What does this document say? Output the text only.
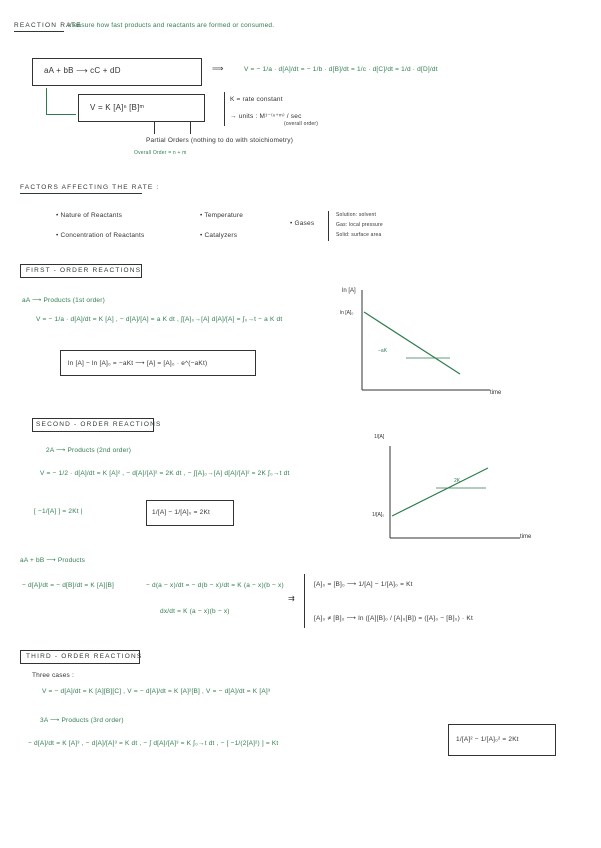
REACTION RATE :
measure how fast products and reactants are formed or consumed.
aA + bB ⟶ cC + dD	⟹	V = − 1/a · d[A]/dt = − 1/b · d[B]/dt = 1/c · d[C]/dt = 1/d · d[D]/dt
V = K [A]ⁿ [B]ᵐ
K = rate constant
→ units : M¹⁻⁽ⁿ⁺ᵐ⁾ / sec
(overall order)
Partial Orders (nothing to do with stoichiometry)
Overall Order = n + m
FACTORS AFFECTING THE RATE :
• Nature of Reactants	• Temperature
• Concentration of Reactants	• Catalyzers
• Gases
Solution: solvent
Gas: local pressure
Solid: surface area
FIRST - ORDER REACTIONS
aA ⟶ Products (1st order)
V = − 1/a · d[A]/dt = K [A] , − d[A]/[A] = a K dt , ∫[A]₀→[A] d[A]/[A] = ∫₀→t − a K dt
ln [A] − ln [A]₀ = −aKt ⟶ [A] = [A]₀ · e^(−aKt)
ln [A]
ln [A]₀
time
−aK
SECOND - ORDER REACTIONS
2A ⟶ Products (2nd order)
V = − 1/2 · d[A]/dt = K [A]² , − d[A]/[A]² = 2K dt , − ∫[A]₀→[A] d[A]/[A]² = 2K ∫₀→t dt
[ −1/[A] ] = 2Kt |	1/[A] − 1/[A]₀ = 2Kt
1/[A]
1/[A]₀
time
2K
aA + bB ⟶ Products
− d[A]/dt = − d[B]/dt = K [A][B]	− d(a − x)/dt = − d(b − x)/dt = K (a − x)(b − x)
dx/dt = K (a − x)(b − x)
⇉
[A]₀ = [B]₀ ⟶ 1/[A] − 1/[A]₀ = Kt
[A]₀ ≠ [B]₀ ⟶ ln ([A][B]₀ / [A]₀[B]) = ([A]₀ − [B]₀) · Kt
THIRD - ORDER REACTIONS
Three cases :
V = − d[A]/dt = K [A][B][C] , V = − d[A]/dt = K [A]²[B] , V = − d[A]/dt = K [A]³
3A ⟶ Products (3rd order)
− d[A]/dt = K [A]³ , − d[A]/[A]³ = K dt , − ∫ d[A]/[A]³ = K ∫₀→t dt , − [ −1/(2[A]²) ] = Kt
1/[A]² − 1/[A]₀² = 2Kt
